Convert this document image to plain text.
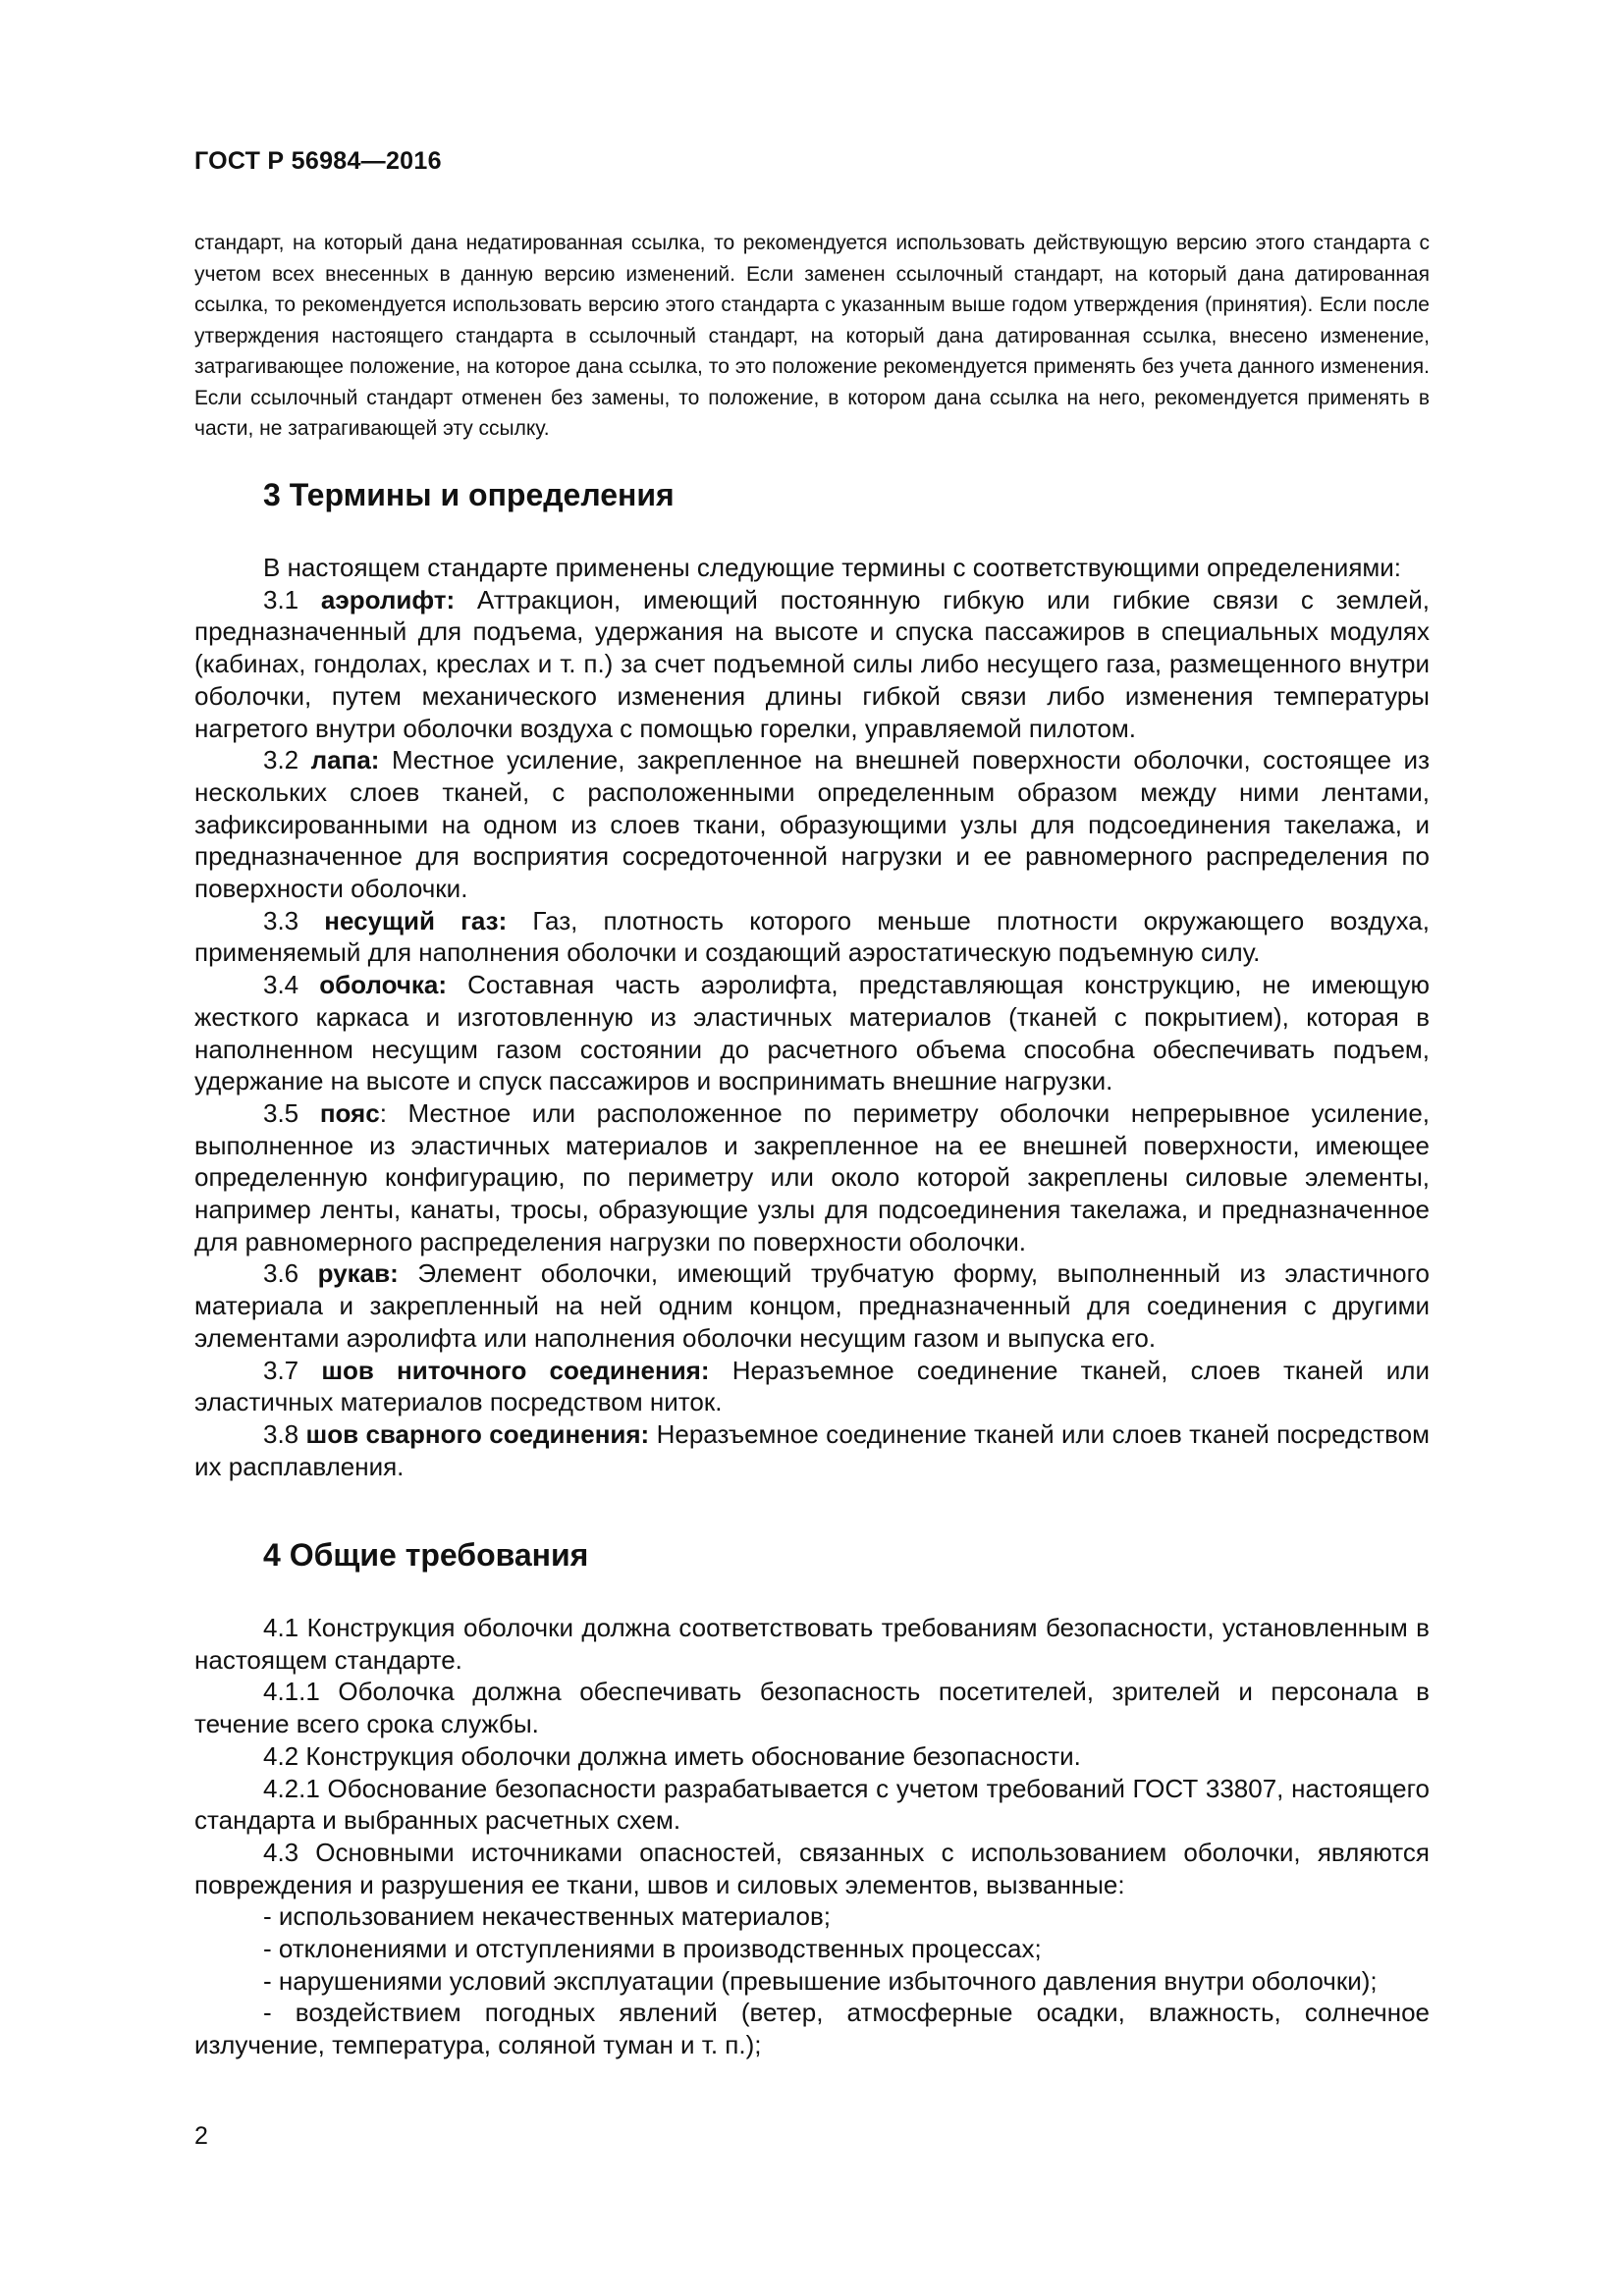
ГОСТ Р 56984—2016
стандарт, на который дана недатированная ссылка, то рекомендуется использовать действующую версию этого стандарта с учетом всех внесенных в данную версию изменений. Если заменен ссылочный стандарт, на который дана датированная ссылка, то рекомендуется использовать версию этого стандарта с указанным выше годом утверждения (принятия). Если после утверждения настоящего стандарта в ссылочный стандарт, на который дана датированная ссылка, внесено изменение, затрагивающее положение, на которое дана ссылка, то это положение рекомендуется применять без учета данного изменения. Если ссылочный стандарт отменен без замены, то положение, в котором дана ссылка на него, рекомендуется применять в части, не затрагивающей эту ссылку.
3 Термины и определения

В настоящем стандарте применены следующие термины с соответствующими определениями:

3.1 аэролифт: Аттракцион, имеющий постоянную гибкую или гибкие связи с землей, предназначенный для подъема, удержания на высоте и спуска пассажиров в специальных модулях (кабинах, гондолах, креслах и т. п.) за счет подъемной силы либо несущего газа, размещенного внутри оболочки, путем механического изменения длины гибкой связи либо изменения температуры нагретого внутри оболочки воздуха с помощью горелки, управляемой пилотом.

3.2 лапа: Местное усиление, закрепленное на внешней поверхности оболочки, состоящее из нескольких слоев тканей, с расположенными определенным образом между ними лентами, зафиксированными на одном из слоев ткани, образующими узлы для подсоединения такелажа, и предназначенное для восприятия сосредоточенной нагрузки и ее равномерного распределения по поверхности оболочки.

3.3 несущий газ: Газ, плотность которого меньше плотности окружающего воздуха, применяемый для наполнения оболочки и создающий аэростатическую подъемную силу.

3.4 оболочка: Составная часть аэролифта, представляющая конструкцию, не имеющую жесткого каркаса и изготовленную из эластичных материалов (тканей с покрытием), которая в наполненном несущим газом состоянии до расчетного объема способна обеспечивать подъем, удержание на высоте и спуск пассажиров и воспринимать внешние нагрузки.

3.5 пояс: Местное или расположенное по периметру оболочки непрерывное усиление, выполненное из эластичных материалов и закрепленное на ее внешней поверхности, имеющее определенную конфигурацию, по периметру или около которой закреплены силовые элементы, например ленты, канаты, тросы, образующие узлы для подсоединения такелажа, и предназначенное для равномерного распределения нагрузки по поверхности оболочки.

3.6 рукав: Элемент оболочки, имеющий трубчатую форму, выполненный из эластичного материала и закрепленный на ней одним концом, предназначенный для соединения с другими элементами аэролифта или наполнения оболочки несущим газом и выпуска его.

3.7 шов ниточного соединения: Неразъемное соединение тканей, слоев тканей или эластичных материалов посредством ниток.

3.8 шов сварного соединения: Неразъемное соединение тканей или слоев тканей посредством их расплавления.

4 Общие требования

4.1 Конструкция оболочки должна соответствовать требованиям безопасности, установленным в настоящем стандарте.

4.1.1 Оболочка должна обеспечивать безопасность посетителей, зрителей и персонала в течение всего срока службы.

4.2 Конструкция оболочки должна иметь обоснование безопасности.

4.2.1 Обоснование безопасности разрабатывается с учетом требований ГОСТ 33807, настоящего стандарта и выбранных расчетных схем.

4.3 Основными источниками опасностей, связанных с использованием оболочки, являются повреждения и разрушения ее ткани, швов и силовых элементов, вызванные:

- использованием некачественных материалов;

- отклонениями и отступлениями в производственных процессах;

- нарушениями условий эксплуатации (превышение избыточного давления внутри оболочки);

- воздействием погодных явлений (ветер, атмосферные осадки, влажность, солнечное излучение, температура, соляной туман и т. п.);

2
